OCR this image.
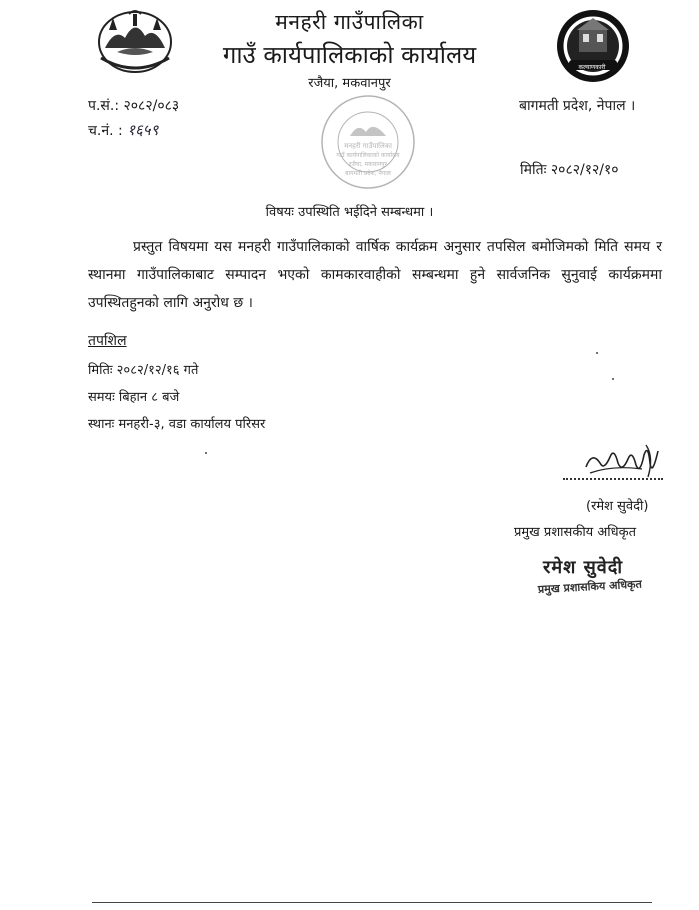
कल्याणकारी
मनहरी गाउँपालिका
गाउँ कार्यपालिकाको कार्यालय
रजैया, मकवानपुर
प.सं.: २०८२/०८३
च.नं. : १६५९
बागमती प्रदेश, नेपाल ।
मनहरी गाउँपालिका
गाउँ कार्यपालिकाको कार्यालय
रजैया, मकवानपुर
बागमती प्रदेश, नेपाल	मितिः २०८२/१२/१०
विषयः उपस्थिति भईदिने सम्बन्धमा ।
प्रस्तुत विषयमा यस मनहरी गाउँपालिकाको वार्षिक कार्यक्रम अनुसार तपसिल बमोजिमको मिति समय र स्थानमा गाउँपालिकाबाट सम्पादन भएको कामकारवाहीको सम्बन्धमा हुने सार्वजनिक सुनुवाई कार्यक्रममा उपस्थितहुनको लागि अनुरोध छ ।
तपशिल
मितिः २०८२/१२/१६ गते
समयः बिहान ८ बजे
स्थानः मनहरी-३, वडा कार्यालय परिसर
(रमेश सुवेदी)
प्रमुख प्रशासकीय अधिकृत
रमेश सुवेदी
प्रमुख प्रशासकिय अधिकृत
